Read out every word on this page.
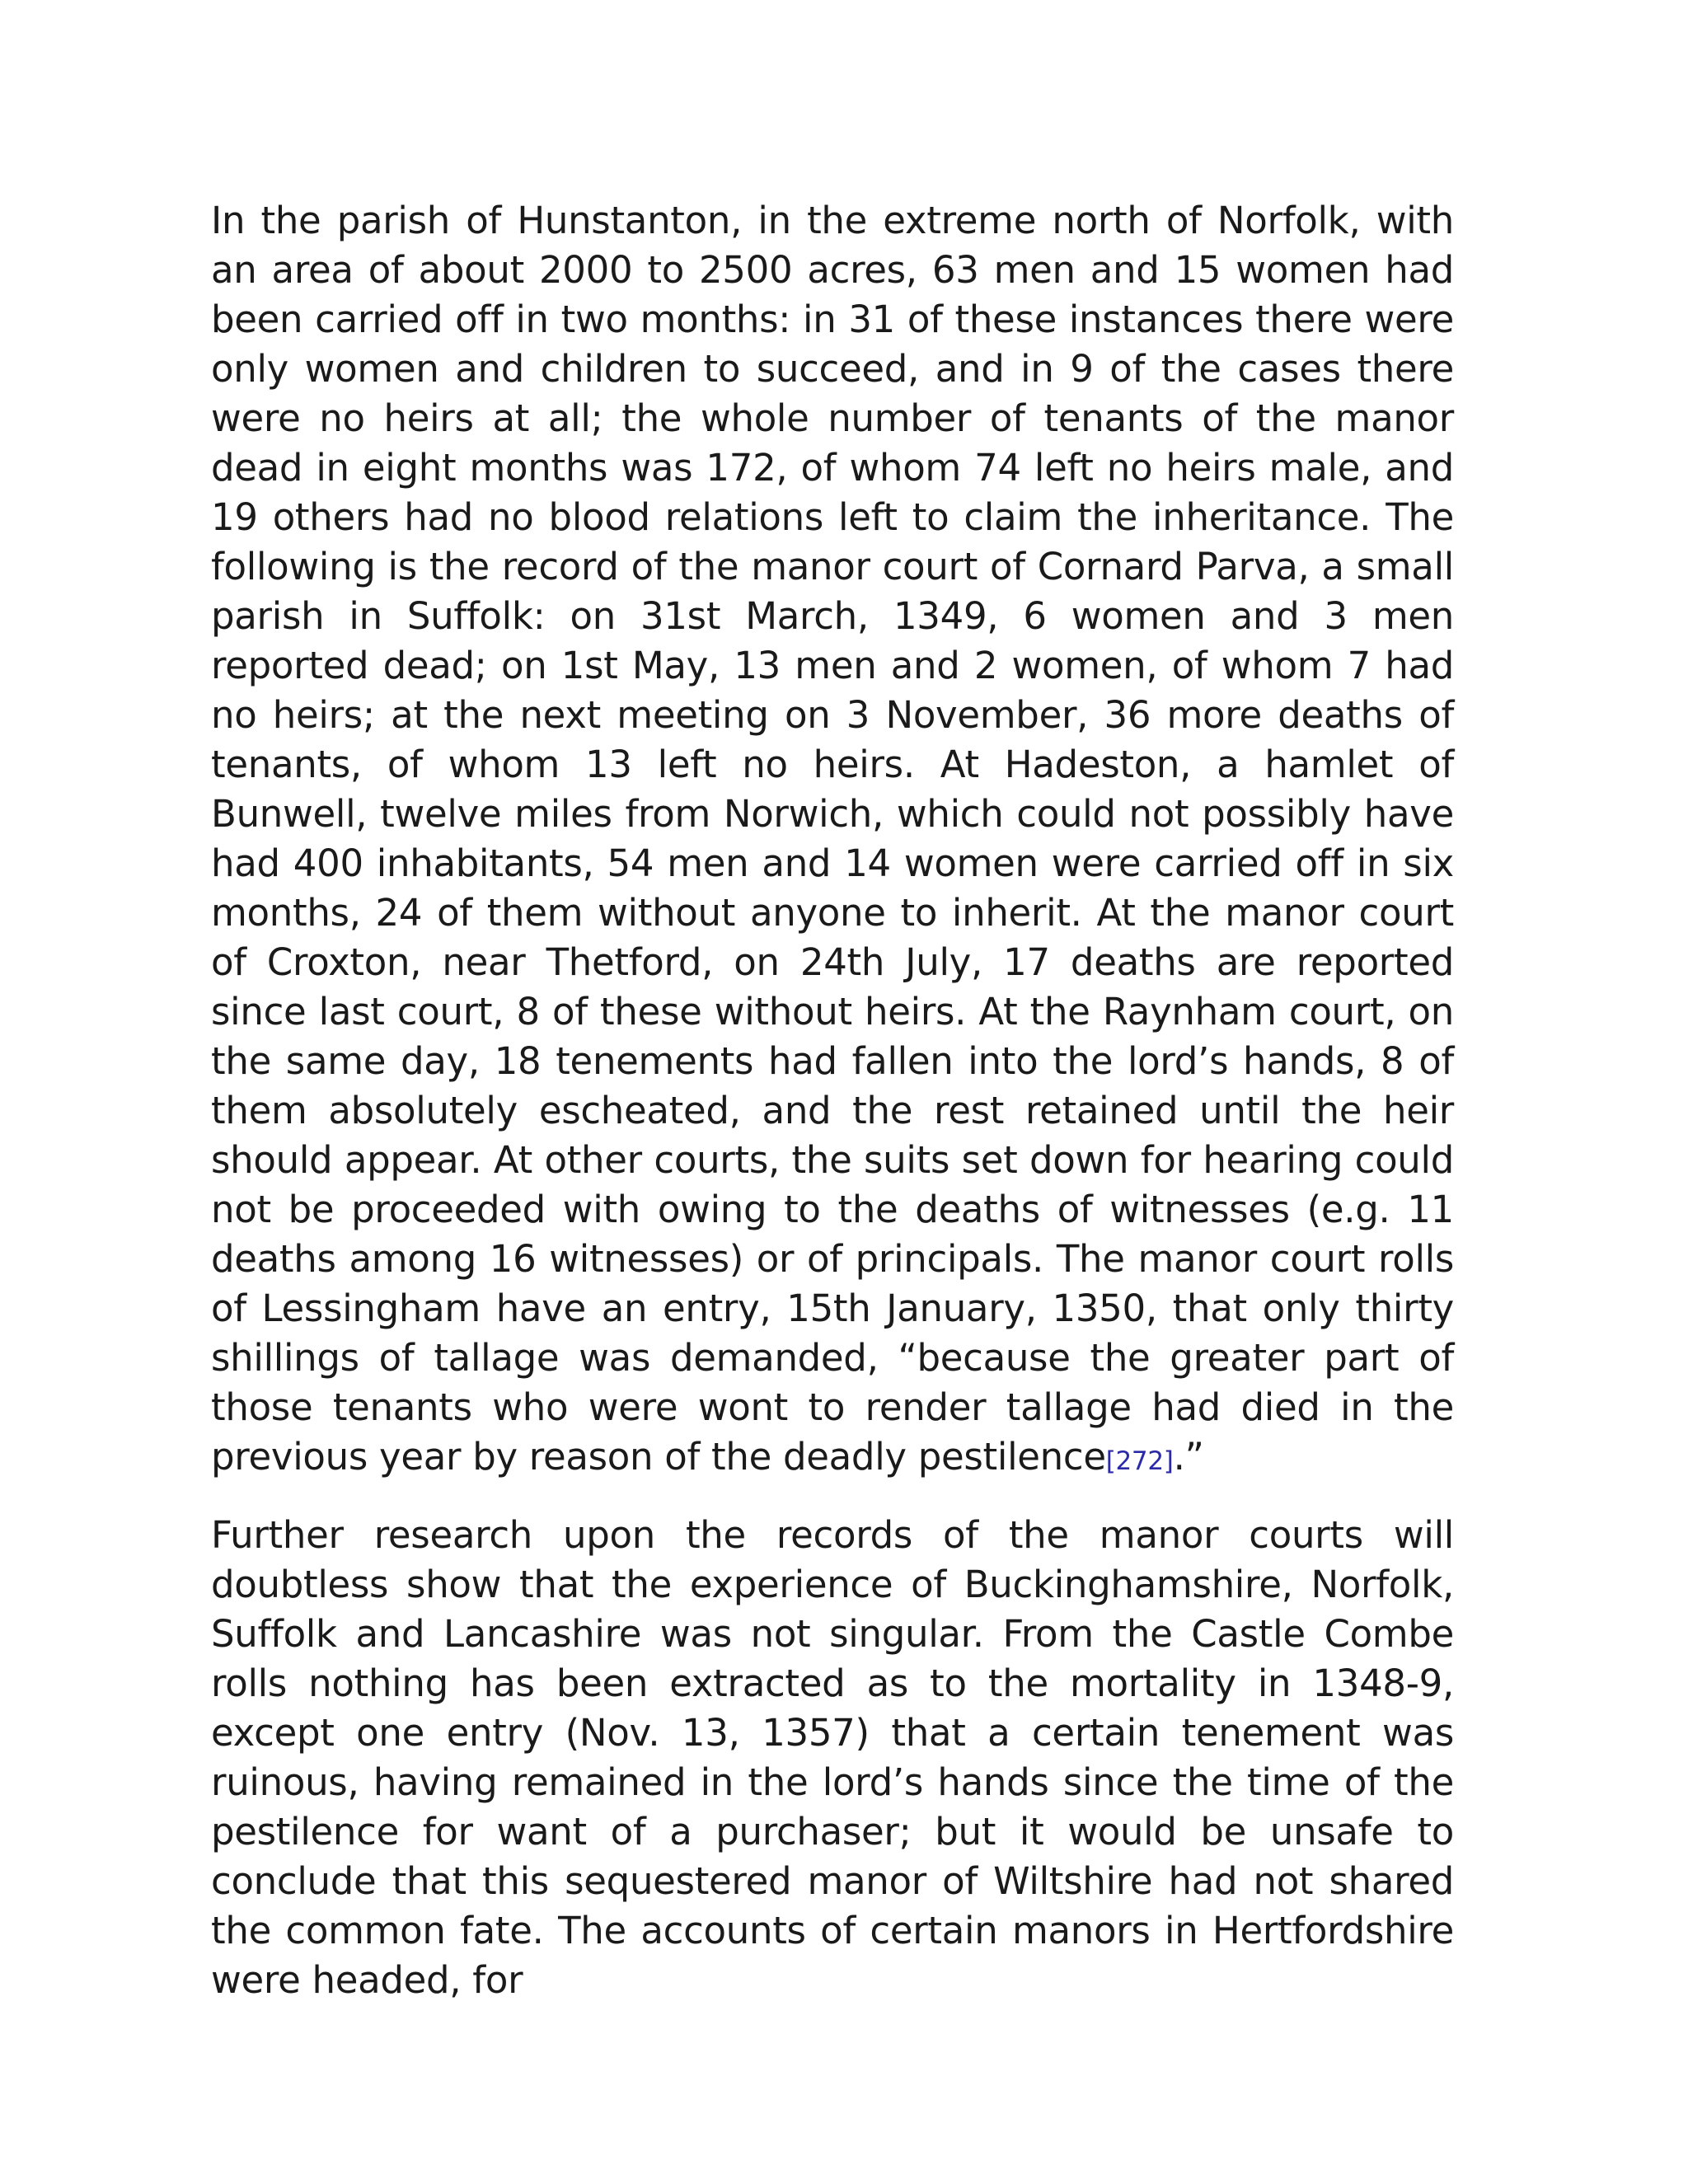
In the parish of Hunstanton, in the extreme north of Norfolk, with an area of about 2000 to 2500 acres, 63 men and 15 women had been carried off in two months: in 31 of these instances there were only women and children to succeed, and in 9 of the cases there were no heirs at all; the whole number of tenants of the manor dead in eight months was 172, of whom 74 left no heirs male, and 19 others had no blood relations left to claim the inheritance. The following is the record of the manor court of Cornard Parva, a small parish in Suffolk: on 31st March, 1349, 6 women and 3 men reported dead; on 1st May, 13 men and 2 women, of whom 7 had no heirs; at the next meeting on 3 November, 36 more deaths of tenants, of whom 13 left no heirs. At Hadeston, a hamlet of Bunwell, twelve miles from Norwich, which could not possibly have had 400 inhabitants, 54 men and 14 women were carried off in six months, 24 of them without anyone to inherit. At the manor court of Croxton, near Thetford, on 24th July, 17 deaths are reported since last court, 8 of these without heirs. At the Raynham court, on the same day, 18 tenements had fallen into the lord’s hands, 8 of them absolutely escheated, and the rest retained until the heir should appear. At other courts, the suits set down for hearing could not be proceeded with owing to the deaths of witnesses (e.g. 11 deaths among 16 witnesses) or of principals. The manor court rolls of Lessingham have an entry, 15th January, 1350, that only thirty shillings of tallage was demanded, “because the greater part of those tenants who were wont to render tallage had died in the previous year by reason of the deadly pestilence[272].”

Further research upon the records of the manor courts will doubtless show that the experience of Buckinghamshire, Norfolk, Suffolk and Lancashire was not singular. From the Castle Combe rolls nothing has been extracted as to the mortality in 1348-9, except one entry (Nov. 13, 1357) that a certain tenement was ruinous, having remained in the lord’s hands since the time of the pestilence for want of a purchaser; but it would be unsafe to conclude that this sequestered manor of Wiltshire had not shared the common fate. The accounts of certain manors in Hertfordshire were headed, for
